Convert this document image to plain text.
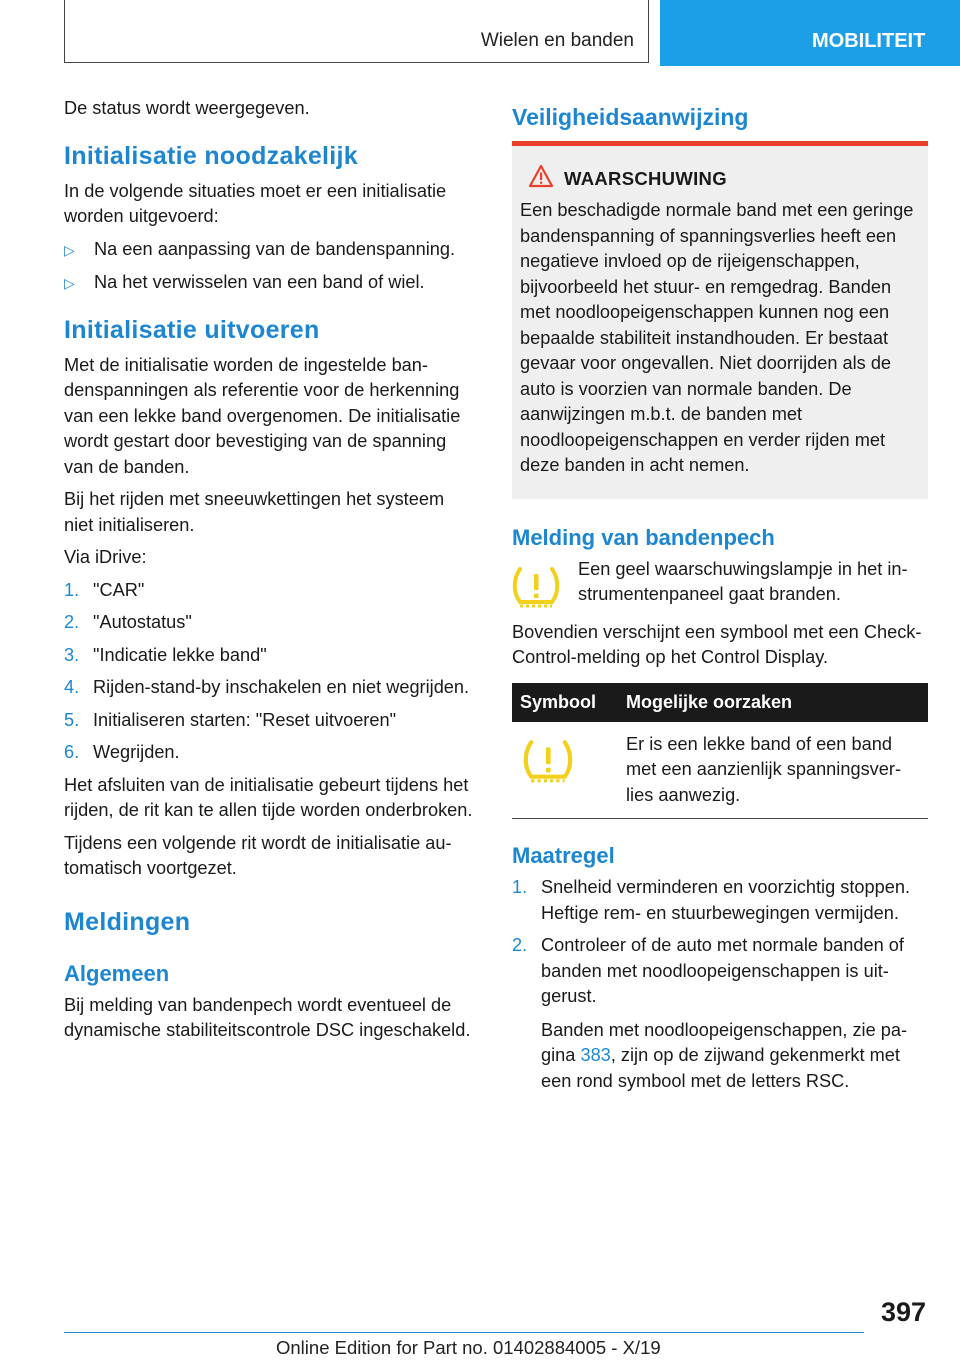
Wielen en banden	MOBILITEIT

De status wordt weergegeven.

Initialisatie noodzakelijk

In de volgende situaties moet er een initialisatie worden uitgevoerd:

▷ Na een aanpassing van de bandenspanning.
▷ Na het verwisselen van een band of wiel.
Initialisatie uitvoeren

Met de initialisatie worden de ingestelde bandenspanningen als referentie voor de herkenning van een lekke band overgenomen. De initialisatie wordt gestart door bevestiging van de spanning van de banden.

Bij het rijden met sneeuwkettingen het systeem niet initialiseren.

Via iDrive:

1. "CAR"
2. "Autostatus"
3. "Indicatie lekke band"
4. Rijden-stand-by inschakelen en niet wegrijden.
5. Initialiseren starten: "Reset uitvoeren"
6. Wegrijden.

Het afsluiten van de initialisatie gebeurt tijdens het rijden, de rit kan te allen tijde worden onderbroken.

Tijdens een volgende rit wordt de initialisatie automatisch voortgezet.

Meldingen
Algemeen

Bij melding van bandenpech wordt eventueel de dynamische stabiliteitscontrole DSC ingeschakeld.

Veiligheidsaanwijzing
WAARSCHUWING

Een beschadigde normale band met een geringe bandenspanning of spanningsverlies heeft een negatieve invloed op de rijeigenschappen, bijvoorbeeld het stuur- en remgedrag. Banden met noodloopeigenschappen kunnen nog een bepaalde stabiliteit instandhouden. Er bestaat gevaar voor ongevallen. Niet doorrijden als de auto is voorzien van normale banden. De aanwijzingen m.b.t. de banden met noodloopeigenschappen en verder rijden met deze banden in acht nemen.

Melding van bandenpech

Een geel waarschuwingslampje in het instrumentenpaneel gaat branden.

Bovendien verschijnt een symbool met een Check-Control-melding op het Control Display.

Symbool	Mogelijke oorzaken
	Er is een lekke band of een band met een aanzienlijk spanningsverlies aanwezig.
Maatregel
1. Snelheid verminderen en voorzichtig stoppen. Heftige rem- en stuurbewegingen vermijden.
2. Controleer of de auto met normale banden of banden met noodloopeigenschappen is uitgerust.
Banden met noodloopeigenschappen, zie pagina 383, zijn op de zijwand gekenmerkt met een rond symbool met de letters RSC.
397
Online Edition for Part no. 01402884005 - X/19
